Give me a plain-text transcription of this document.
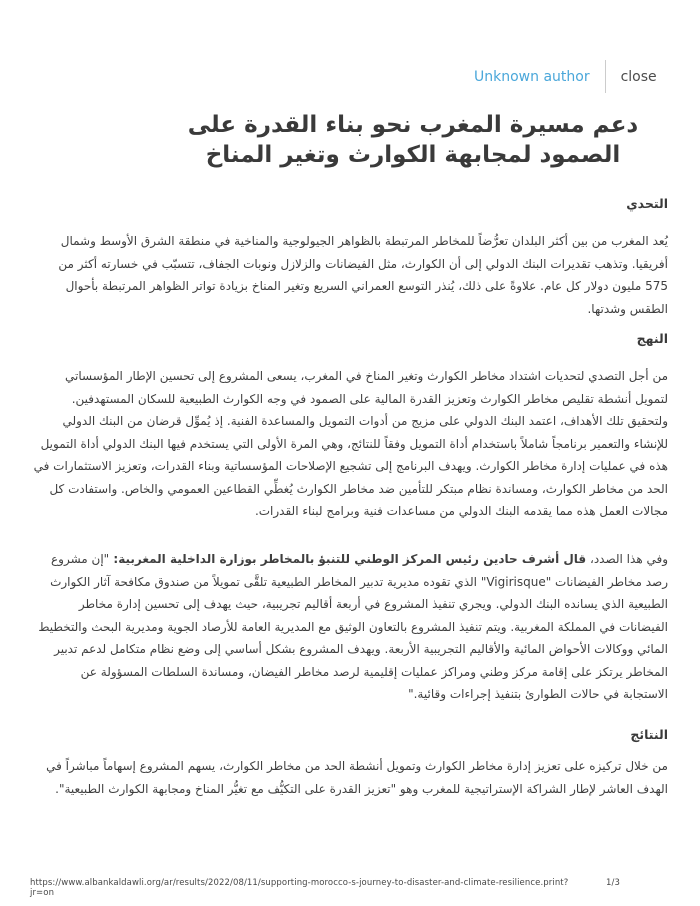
Unknown author close
دعم مسيرة المغرب نحو بناء القدرة على الصمود لمجابهة الكوارث وتغير المناخ
التحدي

يُعد المغرب من بين أكثر البلدان تعرُّضاً للمخاطر المرتبطة بالظواهر الجيولوجية والمناخية في منطقة الشرق الأوسط وشمال أفريقيا. وتذهب تقديرات البنك الدولي إلى أن الكوارث، مثل الفيضانات والزلازل ونوبات الجفاف، تتسبّب في خسارته أكثر من 575 مليون دولار كل عام. علاوةً على ذلك، يُنذر التوسع العمراني السريع وتغير المناخ بزيادة تواتر الظواهر المرتبطة بأحوال الطقس وشدتها.

النهج

من أجل التصدي لتحديات اشتداد مخاطر الكوارث وتغير المناخ في المغرب، يسعى المشروع إلى تحسين الإطار المؤسساتي لتمويل أنشطة تقليص مخاطر الكوارث وتعزيز القدرة المالية على الصمود في وجه الكوارث الطبيعية للسكان المستهدفين. ولتحقيق تلك الأهداف، اعتمد البنك الدولي على مزيج من أدوات التمويل والمساعدة الفنية. إذ يُموِّل قرضان من البنك الدولي للإنشاء والتعمير برنامجاً شاملاً باستخدام أداة التمويل وفقاً للنتائج، وهي المرة الأولى التي يستخدم فيها البنك الدولي أداة التمويل هذه في عمليات إدارة مخاطر الكوارث. ويهدف البرنامج إلى تشجيع الإصلاحات المؤسساتية وبناء القدرات، وتعزيز الاستثمارات في الحد من مخاطر الكوارث، ومساندة نظام مبتكر للتأمين ضد مخاطر الكوارث يُغطِّي القطاعين العمومي والخاص. واستفادت كل مجالات العمل هذه مما يقدمه البنك الدولي من مساعدات فنية وبرامج لبناء القدرات.

وفي هذا الصدد، قال أشرف حادين رئيس المركز الوطني للتنبؤ بالمخاطر بوزارة الداخلية المغربية: "إن مشروع رصد مخاطر الفيضانات "Vigirisque" الذي تقوده مديرية تدبير المخاطر الطبيعية تلقَّى تمويلاً من صندوق مكافحة آثار الكوارث الطبيعية الذي يسانده البنك الدولي. ويجري تنفيذ المشروع في أربعة أقاليم تجريبية، حيث يهدف إلى تحسين إدارة مخاطر الفيضانات في المملكة المغربية. ويتم تنفيذ المشروع بالتعاون الوثيق مع المديرية العامة للأرصاد الجوية ومديرية البحث والتخطيط المائي ووكالات الأحواض المائية والأقاليم التجريبية الأربعة. ويهدف المشروع بشكل أساسي إلى وضع نظام متكامل لدعم تدبير المخاطر يرتكز على إقامة مركز وطني ومراكز عمليات إقليمية لرصد مخاطر الفيضان، ومساندة السلطات المسؤولة عن الاستجابة في حالات الطوارئ بتنفيذ إجراءات وقائية."

النتائج

من خلال تركيزه على تعزيز إدارة مخاطر الكوارث وتمويل أنشطة الحد من مخاطر الكوارث، يسهم المشروع إسهاماً مباشراً في الهدف العاشر لإطار الشراكة الإستراتيجية للمغرب وهو "تعزيز القدرة على التكيُّف مع تغيُّر المناخ ومجابهة الكوارث الطبيعية".

https://www.albankaldawli.org/ar/results/2022/08/11/supporting-morocco-s-journey-to-disaster-and-climate-resilience.print?jr=on
1/3
